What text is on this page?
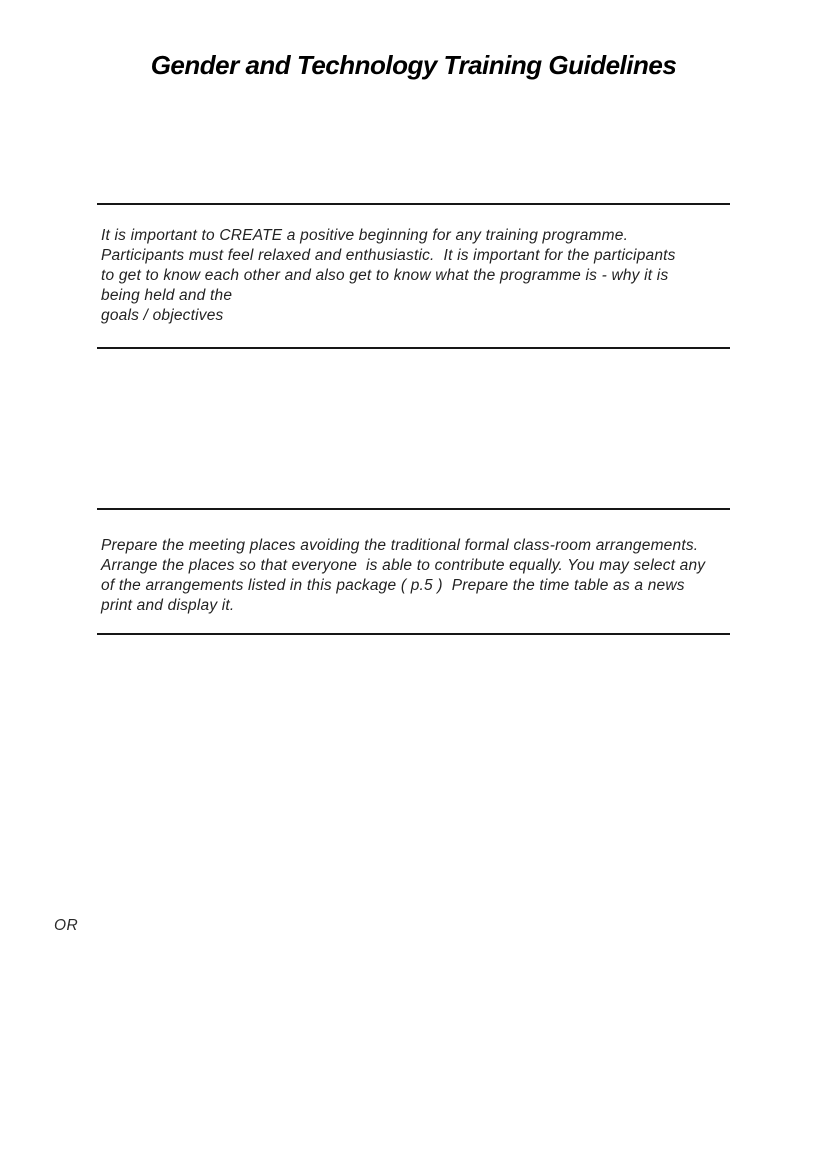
Gender and Technology Training Guidelines
It is important to CREATE a positive beginning for any training programme.
Participants must feel relaxed and enthusiastic.  It is important for the participants
to get to know each other and also get to know what the programme is - why it is
being held and the
goals / objectives
Prepare the meeting places avoiding the traditional formal class-room arrangements.
Arrange the places so that everyone  is able to contribute equally. You may select any
of the arrangements listed in this package ( p.5 )  Prepare the time table as a news
print and display it.
OR
